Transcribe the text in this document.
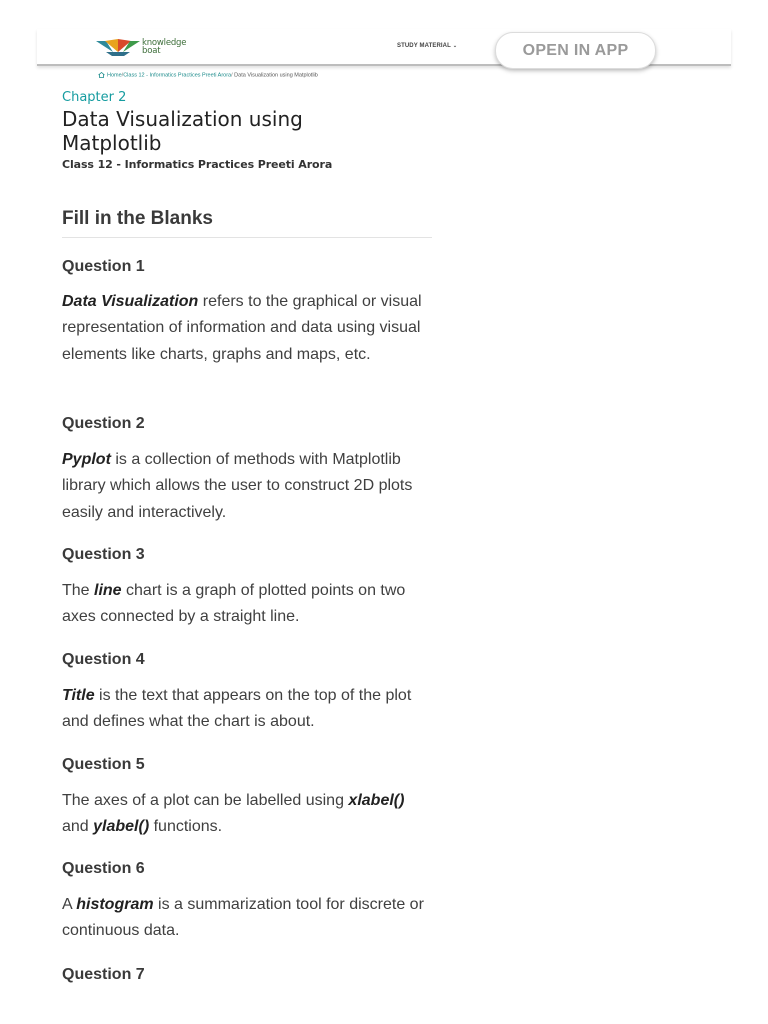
knowledge
boat	STUDY MATERIAL ⌄	OPEN IN APP
Home/Class 12 - Informatics Practices Preeti Arora/ Data Visualization using Matplotlib
Chapter 2
Data Visualization using Matplotlib
Class 12 - Informatics Practices Preeti Arora
Fill in the Blanks
Question 1
Data Visualization refers to the graphical or visual representation of information and data using visual elements like charts, graphs and maps, etc.
Question 2
Pyplot is a collection of methods with Matplotlib library which allows the user to construct 2D plots easily and interactively.
Question 3
The line chart is a graph of plotted points on two axes connected by a straight line.
Question 4
Title is the text that appears on the top of the plot and defines what the chart is about.
Question 5
The axes of a plot can be labelled using xlabel()
and ylabel() functions.
Question 6
A histogram is a summarization tool for discrete or continuous data.
Question 7
